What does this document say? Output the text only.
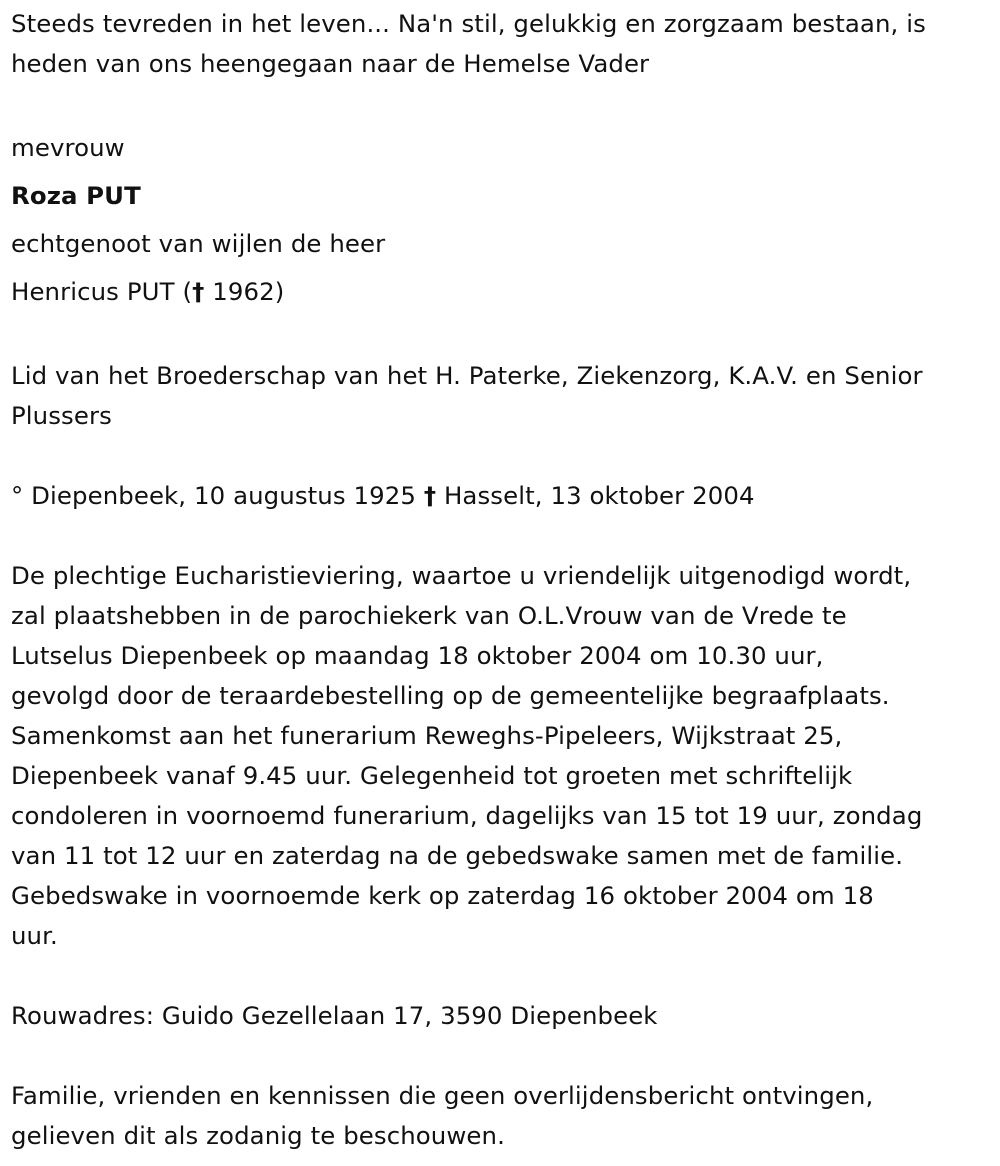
Steeds tevreden in het leven... Na'n stil, gelukkig en zorgzaam bestaan, is

heden van ons heengegaan naar de Hemelse Vader

mevrouw

Roza PUT

echtgenoot van wijlen de heer

Henricus PUT († 1962)

Lid van het Broederschap van het H. Paterke, Ziekenzorg, K.A.V. en Senior

Plussers

° Diepenbeek, 10 augustus 1925 † Hasselt, 13 oktober 2004

De plechtige Eucharistieviering, waartoe u vriendelijk uitgenodigd wordt,

zal plaatshebben in de parochiekerk van O.L.Vrouw van de Vrede te

Lutselus Diepenbeek op maandag 18 oktober 2004 om 10.30 uur,

gevolgd door de teraardebestelling op de gemeentelijke begraafplaats.

Samenkomst aan het funerarium Reweghs-Pipeleers, Wijkstraat 25,

Diepenbeek vanaf 9.45 uur. Gelegenheid tot groeten met schriftelijk

condoleren in voornoemd funerarium, dagelijks van 15 tot 19 uur, zondag

van 11 tot 12 uur en zaterdag na de gebedswake samen met de familie.

Gebedswake in voornoemde kerk op zaterdag 16 oktober 2004 om 18

uur.

Rouwadres: Guido Gezellelaan 17, 3590 Diepenbeek

Familie, vrienden en kennissen die geen overlijdensbericht ontvingen,

gelieven dit als zodanig te beschouwen.
